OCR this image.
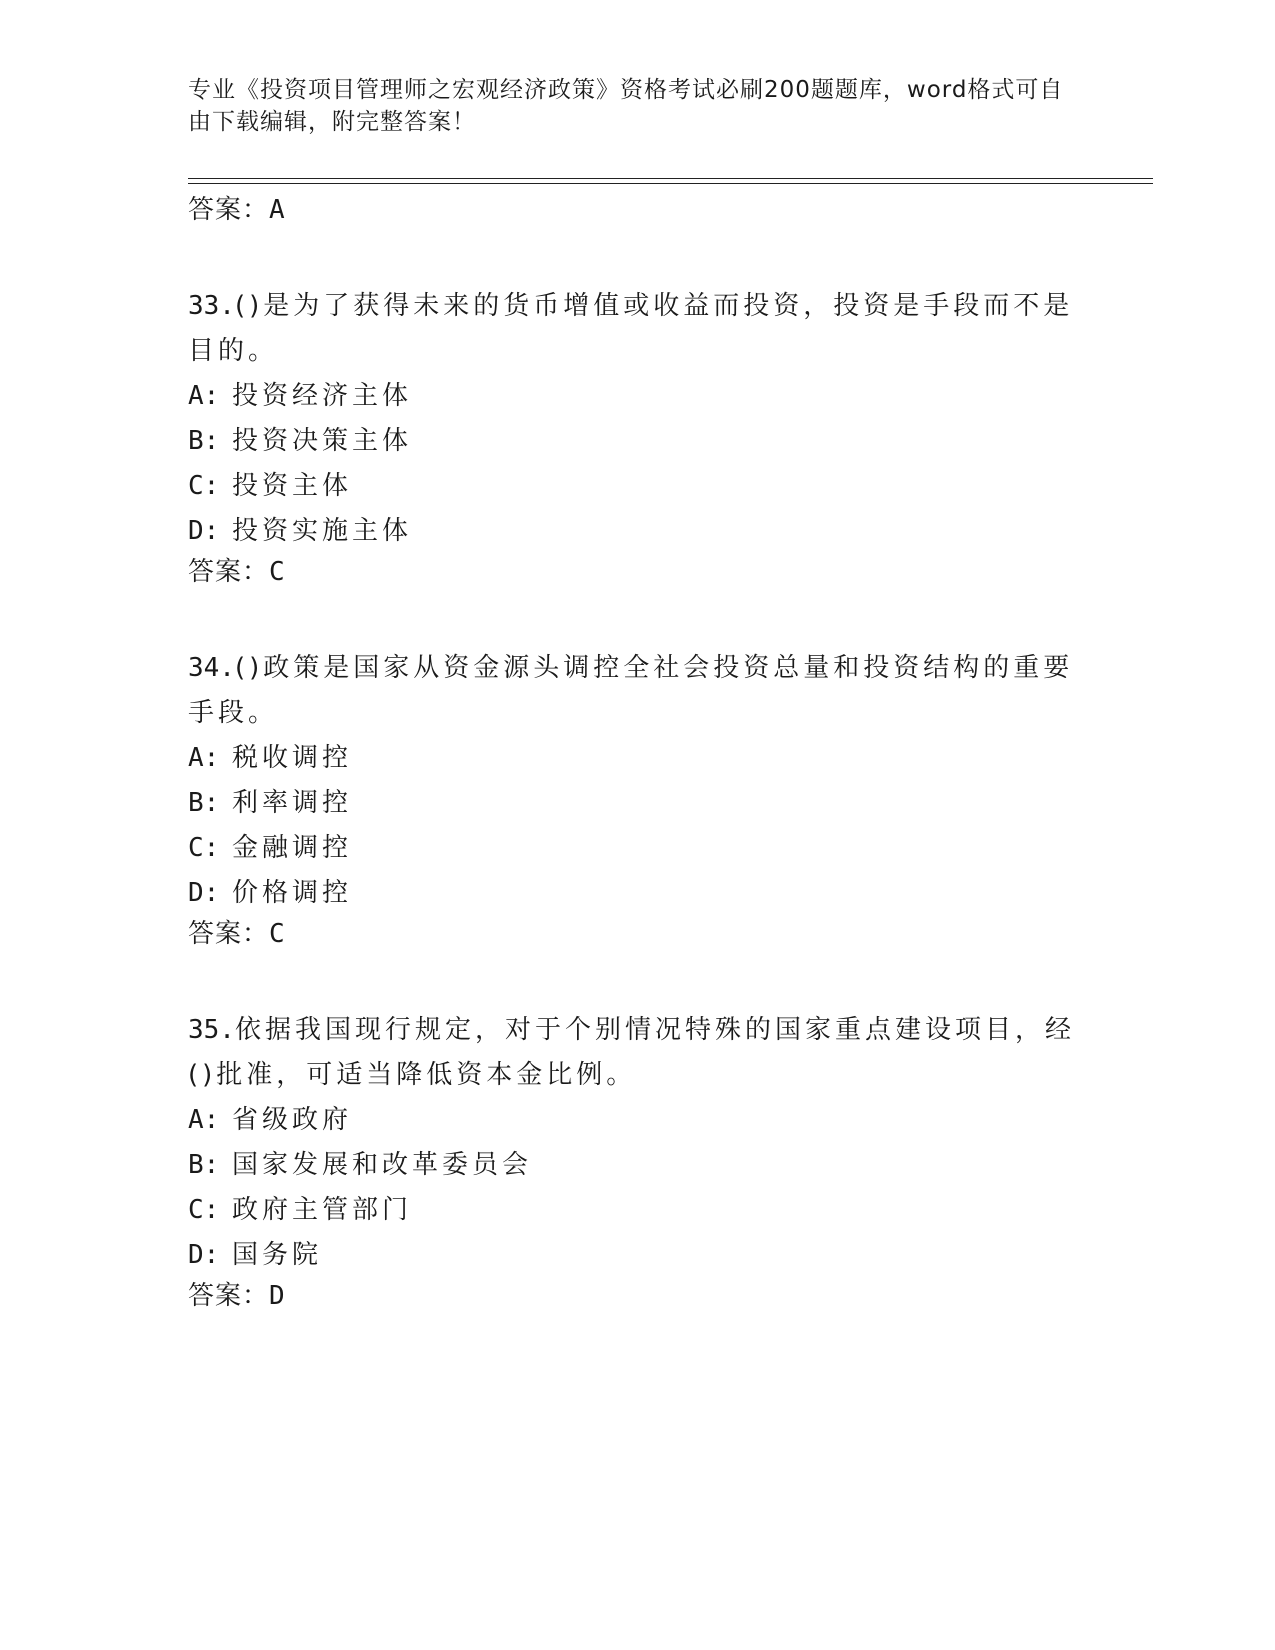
专业《投资项目管理师之宏观经济政策》资格考试必刷200题题库，word格式可自由下载编辑，附完整答案！

答案：A

33.()是为了获得未来的货币增值或收益而投资，投资是手段而不是目的。

A: 投资经济主体

B: 投资决策主体

C: 投资主体

D: 投资实施主体

答案：C

34.()政策是国家从资金源头调控全社会投资总量和投资结构的重要手段。

A: 税收调控

B: 利率调控

C: 金融调控

D: 价格调控

答案：C

35.依据我国现行规定，对于个别情况特殊的国家重点建设项目，经()批准，可适当降低资本金比例。

A: 省级政府

B: 国家发展和改革委员会

C: 政府主管部门

D: 国务院

答案：D
